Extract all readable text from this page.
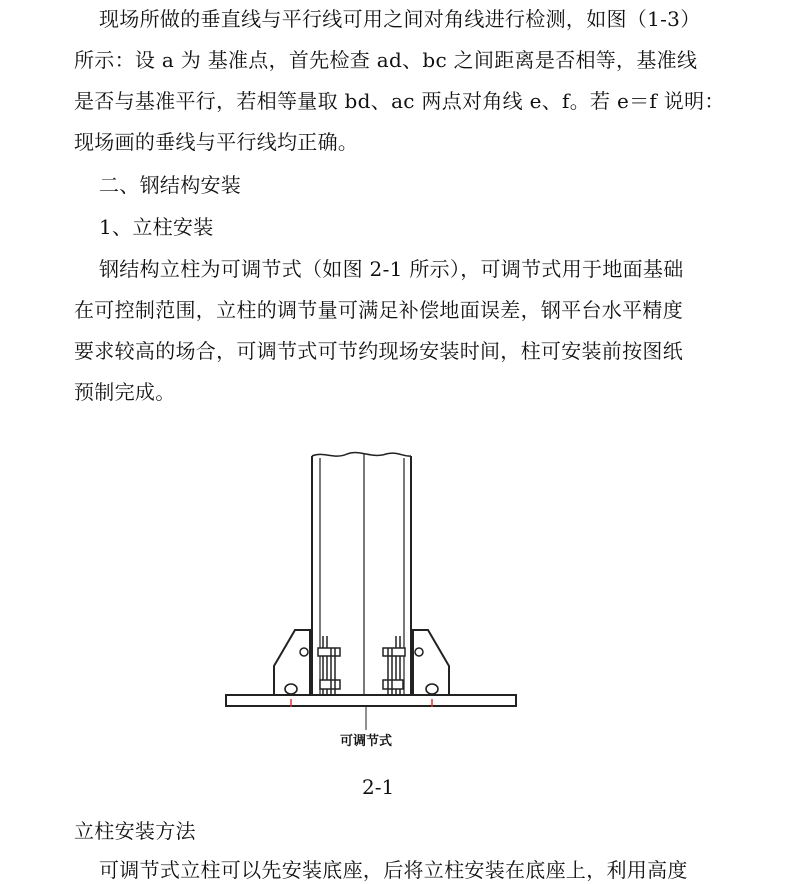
现场所做的垂直线与平行线可用之间对角线进行检测，如图（1-3）
所示：设 a 为 基准点，首先检查 ad、bc 之间距离是否相等，基准线
是否与基准平行，若相等量取 bd、ac 两点对角线 e、f。若 e＝f 说明：
现场画的垂线与平行线均正确。
二、钢结构安装
1、立柱安装
钢结构立柱为可调节式（如图 2-1 所示），可调节式用于地面基础
在可控制范围，立柱的调节量可满足补偿地面误差，钢平台水平精度
要求较高的场合，可调节式可节约现场安装时间，柱可安装前按图纸
预制完成。
可调节式
2-1
立柱安装方法
可调节式立柱可以先安装底座，后将立柱安装在底座上，利用高度
